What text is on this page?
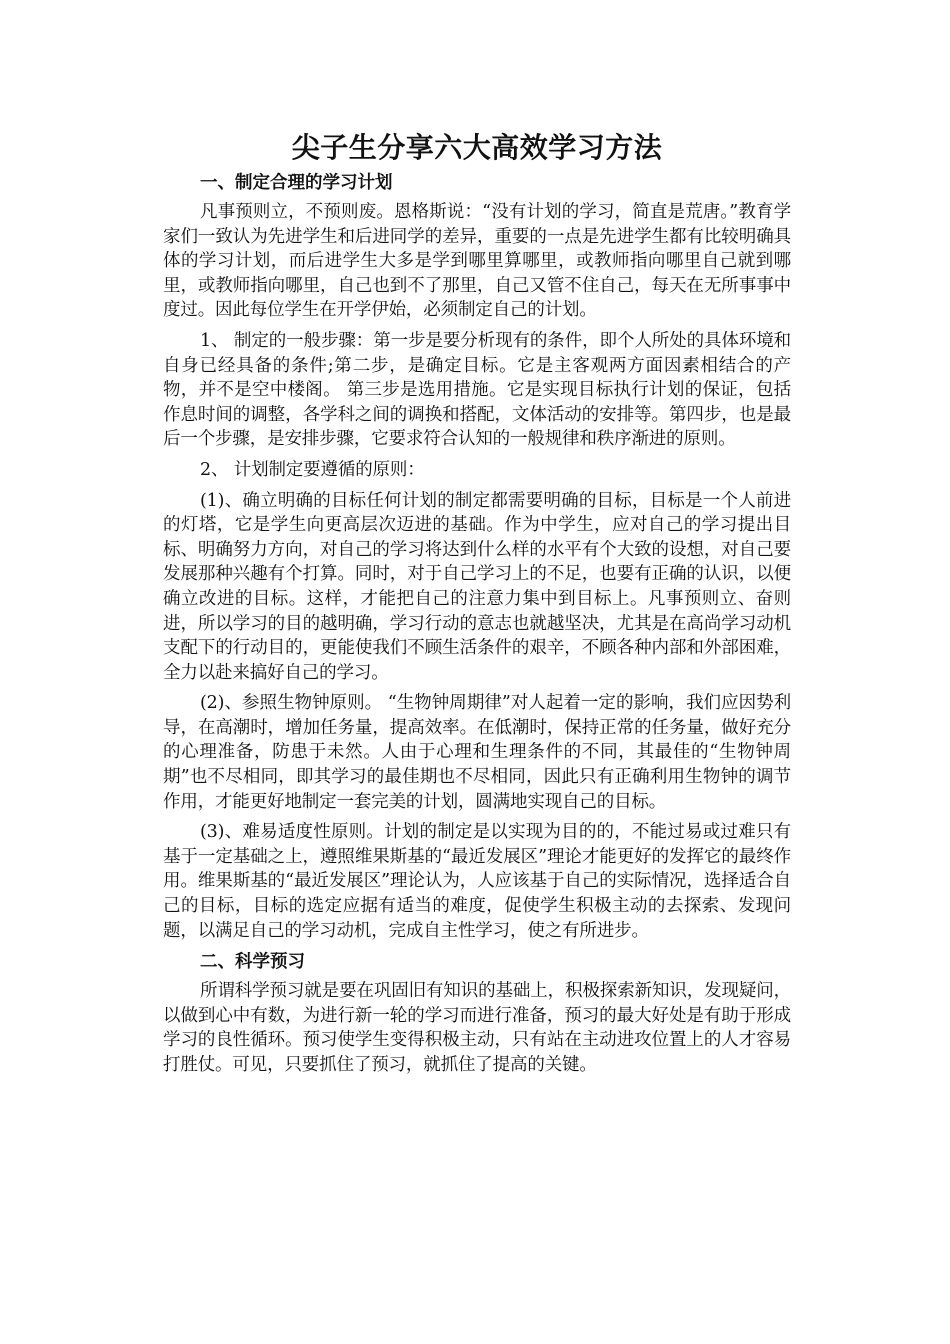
尖子生分享六大高效学习方法
一、制定合理的学习计划

凡事预则立，不预则废。恩格斯说：“没有计划的学习，简直是荒唐。”教育学家们一致认为先进学生和后进同学的差异，重要的一点是先进学生都有比较明确具体的学习计划，而后进学生大多是学到哪里算哪里，或教师指向哪里自己就到哪里，或教师指向哪里，自己也到不了那里，自己又管不住自己，每天在无所事事中度过。因此每位学生在开学伊始，必须制定自己的计划。

1、 制定的一般步骤：第一步是要分析现有的条件，即个人所处的具体环境和自身已经具备的条件;第二步，是确定目标。它是主客观两方面因素相结合的产物，并不是空中楼阁。 第三步是选用措施。它是实现目标执行计划的保证，包括作息时间的调整，各学科之间的调换和搭配，文体活动的安排等。第四步，也是最后一个步骤，是安排步骤，它要求符合认知的一般规律和秩序渐进的原则。

2、 计划制定要遵循的原则：

(1)、确立明确的目标任何计划的制定都需要明确的目标，目标是一个人前进的灯塔，它是学生向更高层次迈进的基础。作为中学生，应对自己的学习提出目标、明确努力方向，对自己的学习将达到什么样的水平有个大致的设想，对自己要发展那种兴趣有个打算。同时，对于自己学习上的不足，也要有正确的认识，以便确立改进的目标。这样，才能把自己的注意力集中到目标上。凡事预则立、奋则进，所以学习的目的越明确，学习行动的意志也就越坚决，尤其是在高尚学习动机支配下的行动目的，更能使我们不顾生活条件的艰辛，不顾各种内部和外部困难，全力以赴来搞好自己的学习。

(2)、参照生物钟原则。 “生物钟周期律”对人起着一定的影响，我们应因势利导，在高潮时，增加任务量，提高效率。在低潮时，保持正常的任务量，做好充分的心理准备，防患于未然。人由于心理和生理条件的不同，其最佳的“生物钟周期”也不尽相同，即其学习的最佳期也不尽相同，因此只有正确利用生物钟的调节作用，才能更好地制定一套完美的计划，圆满地实现自己的目标。

(3)、难易适度性原则。计划的制定是以实现为目的的，不能过易或过难只有基于一定基础之上，遵照维果斯基的“最近发展区”理论才能更好的发挥它的最终作用。维果斯基的“最近发展区”理论认为，人应该基于自己的实际情况，选择适合自己的目标，目标的选定应据有适当的难度，促使学生积极主动的去探索、发现问题，以满足自己的学习动机，完成自主性学习，使之有所进步。

二、科学预习

所谓科学预习就是要在巩固旧有知识的基础上，积极探索新知识，发现疑问，以做到心中有数，为进行新一轮的学习而进行准备，预习的最大好处是有助于形成学习的良性循环。预习使学生变得积极主动，只有站在主动进攻位置上的人才容易打胜仗。可见，只要抓住了预习，就抓住了提高的关键。
